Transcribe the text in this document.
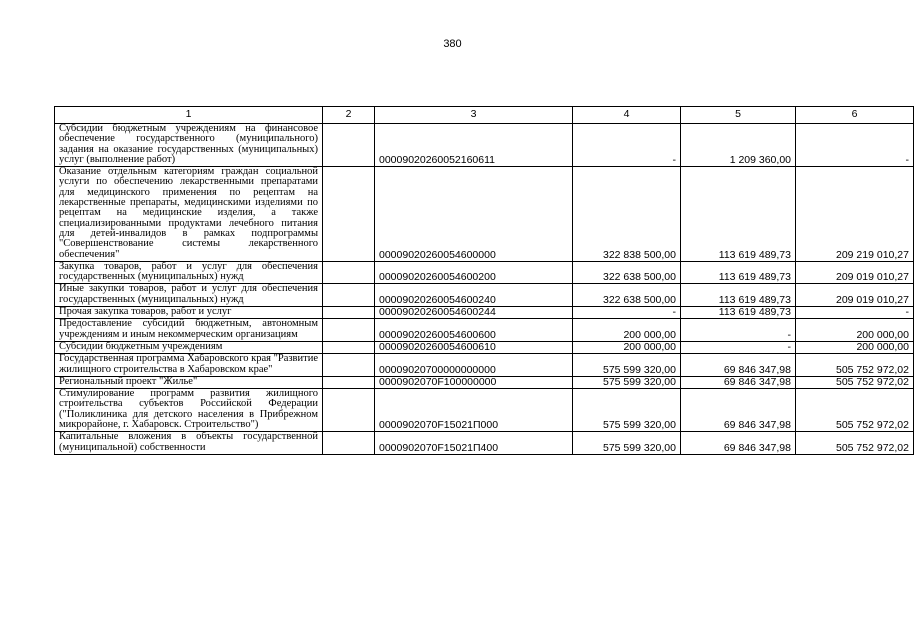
380
1	2	3	4	5	6
Субсидии бюджетным учреждениям на финансовое обеспечение государственного (муниципального) задания на оказание государственных (муниципальных) услуг (выполнение работ)		00009020260052160611	-	1 209 360,00	-
Оказание отдельным категориям граждан социальной услуги по обеспечению лекарственными препаратами для медицинского применения по рецептам на лекарственные препараты, медицинскими изделиями по рецептам на медицинские изделия, а также специализированными продуктами лечебного питания для детей-инвалидов в рамках подпрограммы "Совершенствование системы лекарственного обеспечения"		00009020260054600000	322 838 500,00	113 619 489,73	209 219 010,27
Закупка товаров, работ и услуг для обеспечения государственных (муниципальных) нужд		00009020260054600200	322 638 500,00	113 619 489,73	209 019 010,27
Иные закупки товаров, работ и услуг для обеспечения государственных (муниципальных) нужд		00009020260054600240	322 638 500,00	113 619 489,73	209 019 010,27
Прочая закупка товаров, работ и услуг		00009020260054600244	-	113 619 489,73	-
Предоставление субсидий бюджетным, автономным учреждениям и иным некоммерческим организациям		00009020260054600600	200 000,00	-	200 000,00
Субсидии бюджетным учреждениям		00009020260054600610	200 000,00	-	200 000,00
Государственная программа Хабаровского края "Развитие жилищного строительства в Хабаровском крае"		00009020700000000000	575 599 320,00	69 846 347,98	505 752 972,02
Региональный проект "Жилье"		0000902070F100000000	575 599 320,00	69 846 347,98	505 752 972,02
Стимулирование программ развития жилищного строительства субъектов Российской Федерации ("Поликлиника для детского населения в Прибрежном микрорайоне, г. Хабаровск. Строительство")		0000902070F15021П000	575 599 320,00	69 846 347,98	505 752 972,02
Капитальные вложения в объекты государственной (муниципальной) собственности		0000902070F15021П400	575 599 320,00	69 846 347,98	505 752 972,02
